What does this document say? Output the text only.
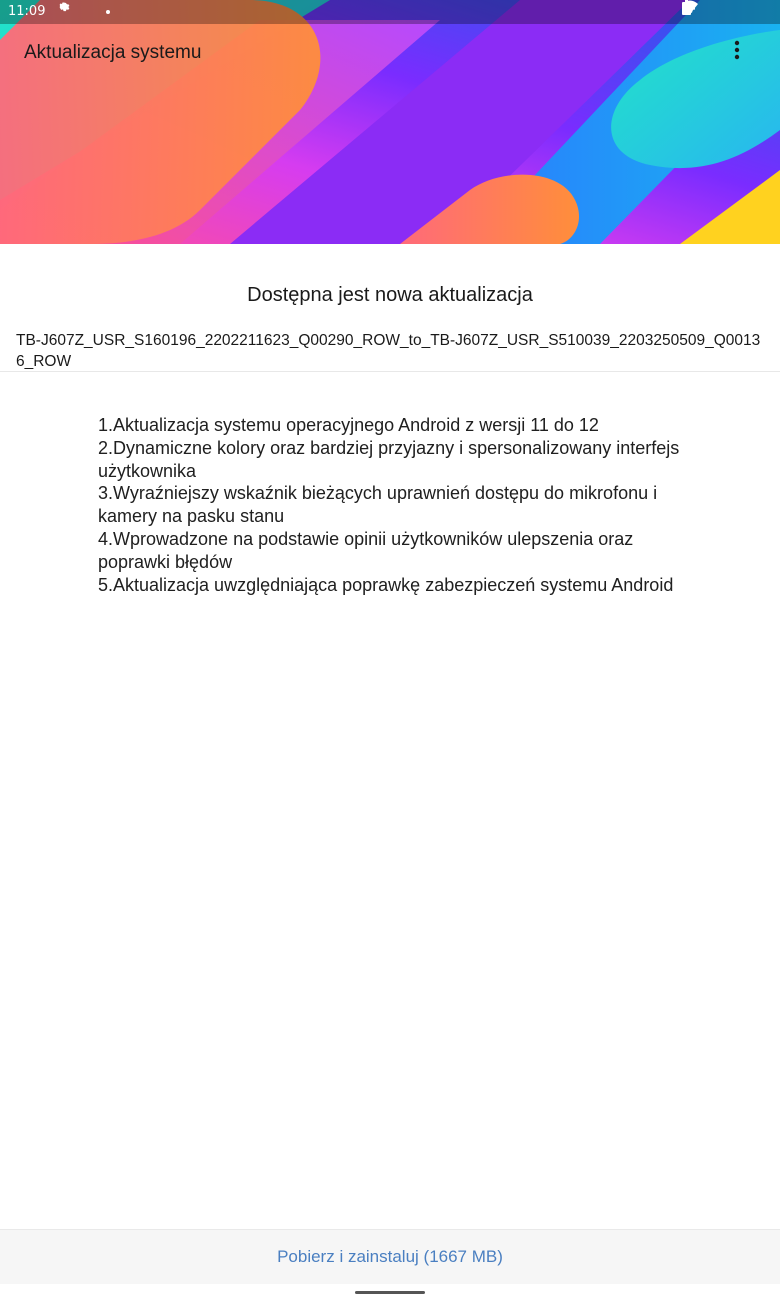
11:09
Aktualizacja systemu
Dostępna jest nowa aktualizacja
TB-J607Z_USR_S160196_2202211623_Q00290_ROW_to_TB-J607Z_USR_S510039_2203250509_Q00136_ROW
1.Aktualizacja systemu operacyjnego Android z wersji 11 do 12
2.Dynamiczne kolory oraz bardziej przyjazny i spersonalizowany interfejs użytkownika
3.Wyraźniejszy wskaźnik bieżących uprawnień dostępu do mikrofonu i kamery na pasku stanu
4.Wprowadzone na podstawie opinii użytkowników ulepszenia oraz poprawki błędów
5.Aktualizacja uwzględniająca poprawkę zabezpieczeń systemu Android
Pobierz i zainstaluj (1667 MB)
